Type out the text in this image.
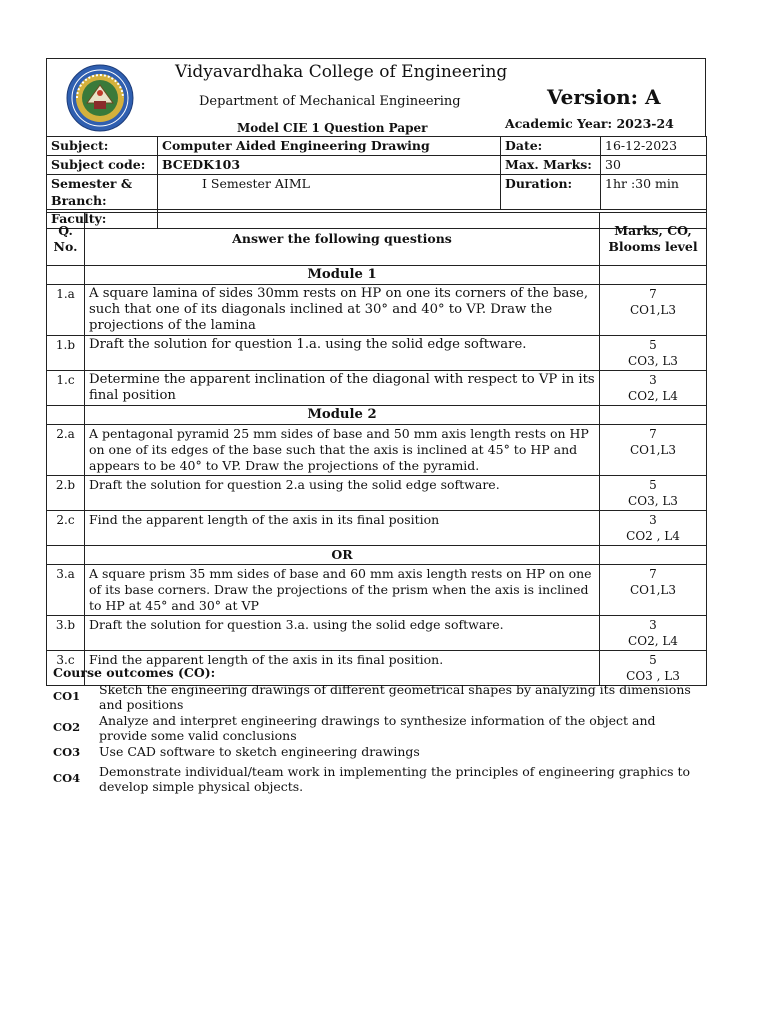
Vidyavardhaka College of Engineering
Department of Mechanical Engineering
Model CIE 1 Question Paper
Version: A
Academic Year: 2023-24
Subject:	Computer Aided Engineering Drawing	Date:	16-12-2023
Subject code:	BCEDK103	Max. Marks:	30
Semester & Branch:	I Semester AIML	Duration:	1hr :30 min
Faculty:			
Q. No.	Answer the following questions	Marks, CO, Blooms level
	Module 1	
1.a	A square lamina of sides 30mm rests on HP on one its corners of the base, such that one of its diagonals inclined at 30° and 40° to VP. Draw the projections of the lamina	7
CO1,L3
1.b	Draft the solution for question 1.a. using the solid edge software.	5
CO3, L3
1.c	Determine the apparent inclination of the diagonal with respect to VP in its final position	3
CO2, L4
	Module 2	
2.a	A pentagonal pyramid 25 mm sides of base and 50 mm axis length rests on HP on one of its edges of the base such that the axis is inclined at 45° to HP and appears to be 40° to VP. Draw the projections of the pyramid.	7
CO1,L3
2.b	Draft the solution for question 2.a using the solid edge software.	5
CO3, L3
2.c	Find the apparent length of the axis in its final position	3
CO2 , L4
	OR	
3.a	A square prism 35 mm sides of base and 60 mm axis length rests on HP on one of its base corners. Draw the projections of the prism when the axis is inclined to HP at 45° and 30° at VP	7
CO1,L3
3.b	Draft the solution for question 3.a. using the solid edge software.	3
CO2, L4
3.c	Find the apparent length of the axis in its final position.	5
CO3 , L3
Course outcomes (CO):
CO1 Sketch the engineering drawings of different geometrical shapes by analyzing its dimensions and positions
CO2 Analyze and interpret engineering drawings to synthesize information of the object and provide some valid conclusions
CO3 Use CAD software to sketch engineering drawings
CO4 Demonstrate individual/team work in implementing the principles of engineering graphics to develop simple physical objects.
